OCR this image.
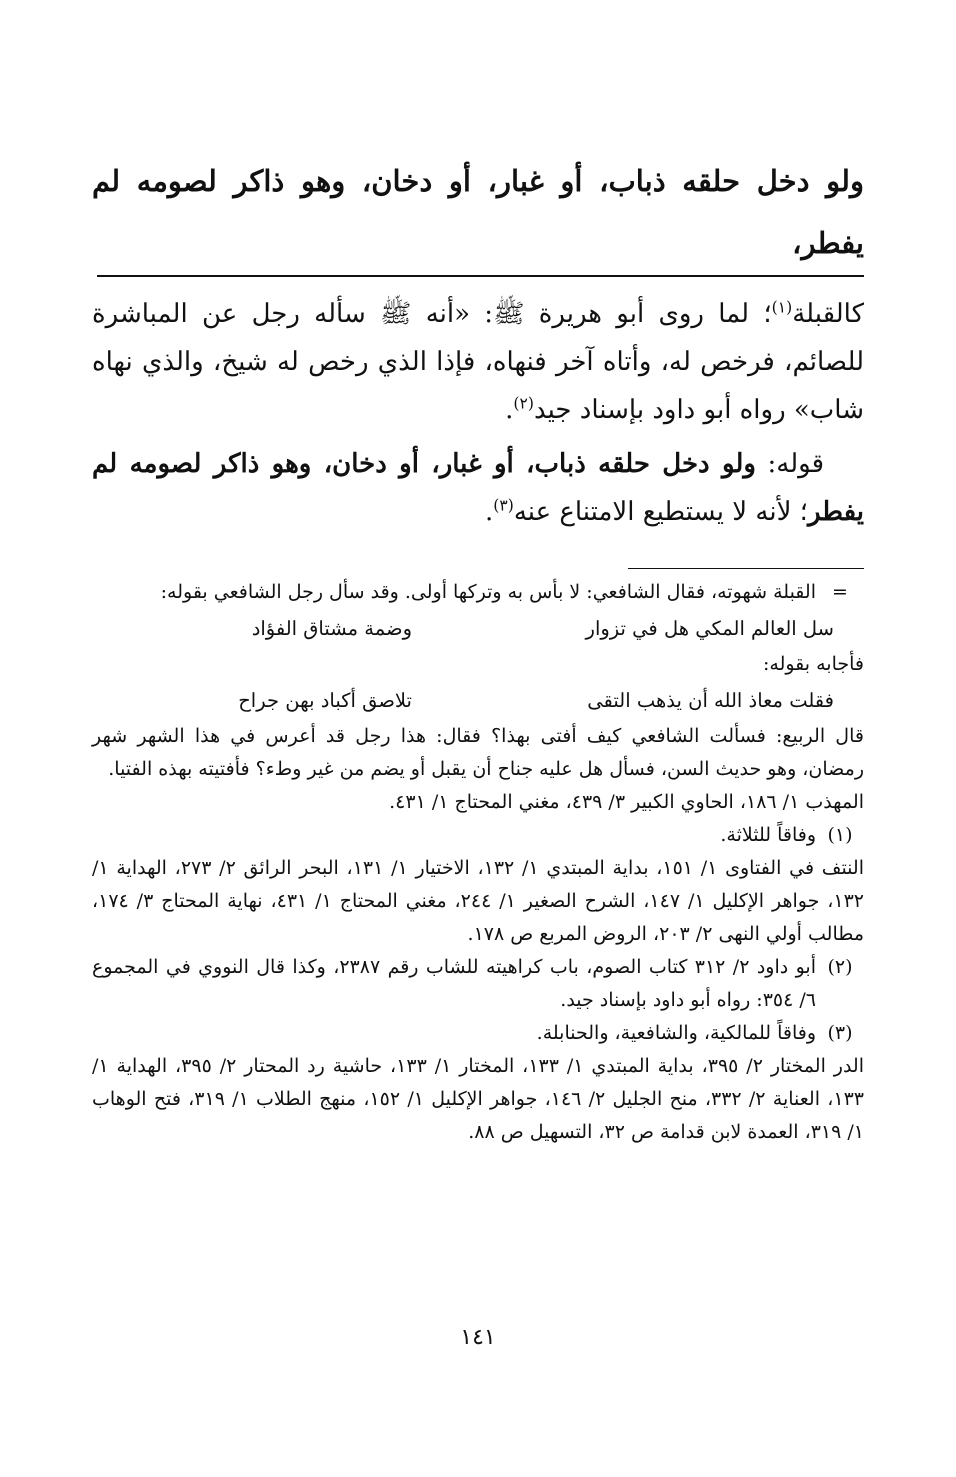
ولو دخل حلقه ذباب، أو غبار، أو دخان، وهو ذاكر لصومه لم يفطر،

كالقبلة$^{(١)}$؛ لما روى أبو هريرة ﷺ: «أنه ﷺ سأله رجل عن المباشرة للصائم، فرخص له، وأتاه آخر فنهاه، فإذا الذي رخص له شيخ، والذي نهاه شاب» رواه أبو داود بإسناد جيد$^{(٢)}$.

قوله: ولو دخل حلقه ذباب، أو غبار، أو دخان، وهو ذاكر لصومه لم يفطر؛ لأنه لا يستطيع الامتناع عنه$^{(٣)}$.

=
القبلة شهوته، فقال الشافعي: لا بأس به وتركها أولى. وقد سأل رجل الشافعي بقوله:
سل العالم المكي هل في تزوار
وضمة مشتاق الفؤاد

فأجابه بقوله:

فقلت معاذ الله أن يذهب التقى
تلاصق أكباد بهن جراح

قال الربيع: فسألت الشافعي كيف أفتى بهذا؟ فقال: هذا رجل قد أعرس في هذا الشهر شهر رمضان، وهو حديث السن، فسأل هل عليه جناح أن يقبل أو يضم من غير وطء؟ فأفتيته بهذه الفتيا.

المهذب ١/ ١٨٦، الحاوي الكبير ٣/ ٤٣٩، مغني المحتاج ١/ ٤٣١.

(١)
وفاقاً للثلاثة.

النتف في الفتاوى ١/ ١٥١، بداية المبتدي ١/ ١٣٢، الاختيار ١/ ١٣١، البحر الرائق ٢/ ٢٧٣، الهداية ١/ ١٣٢، جواهر الإكليل ١/ ١٤٧، الشرح الصغير ١/ ٢٤٤، مغني المحتاج ١/ ٤٣١، نهاية المحتاج ٣/ ١٧٤، مطالب أولي النهى ٢/ ٢٠٣، الروض المربع ص ١٧٨.

(٢)
أبو داود ٢/ ٣١٢ كتاب الصوم، باب كراهيته للشاب رقم ٢٣٨٧، وكذا قال النووي في المجموع ٦/ ٣٥٤: رواه أبو داود بإسناد جيد.
(٣)
وفاقاً للمالكية، والشافعية، والحنابلة.

الدر المختار ٢/ ٣٩٥، بداية المبتدي ١/ ١٣٣، المختار ١/ ١٣٣، حاشية رد المحتار ٢/ ٣٩٥، الهداية ١/ ١٣٣، العناية ٢/ ٣٣٢، منح الجليل ٢/ ١٤٦، جواهر الإكليل ١/ ١٥٢، منهج الطلاب ١/ ٣١٩، فتح الوهاب ١/ ٣١٩، العمدة لابن قدامة ص ٣٢، التسهيل ص ٨٨.

١٤١
